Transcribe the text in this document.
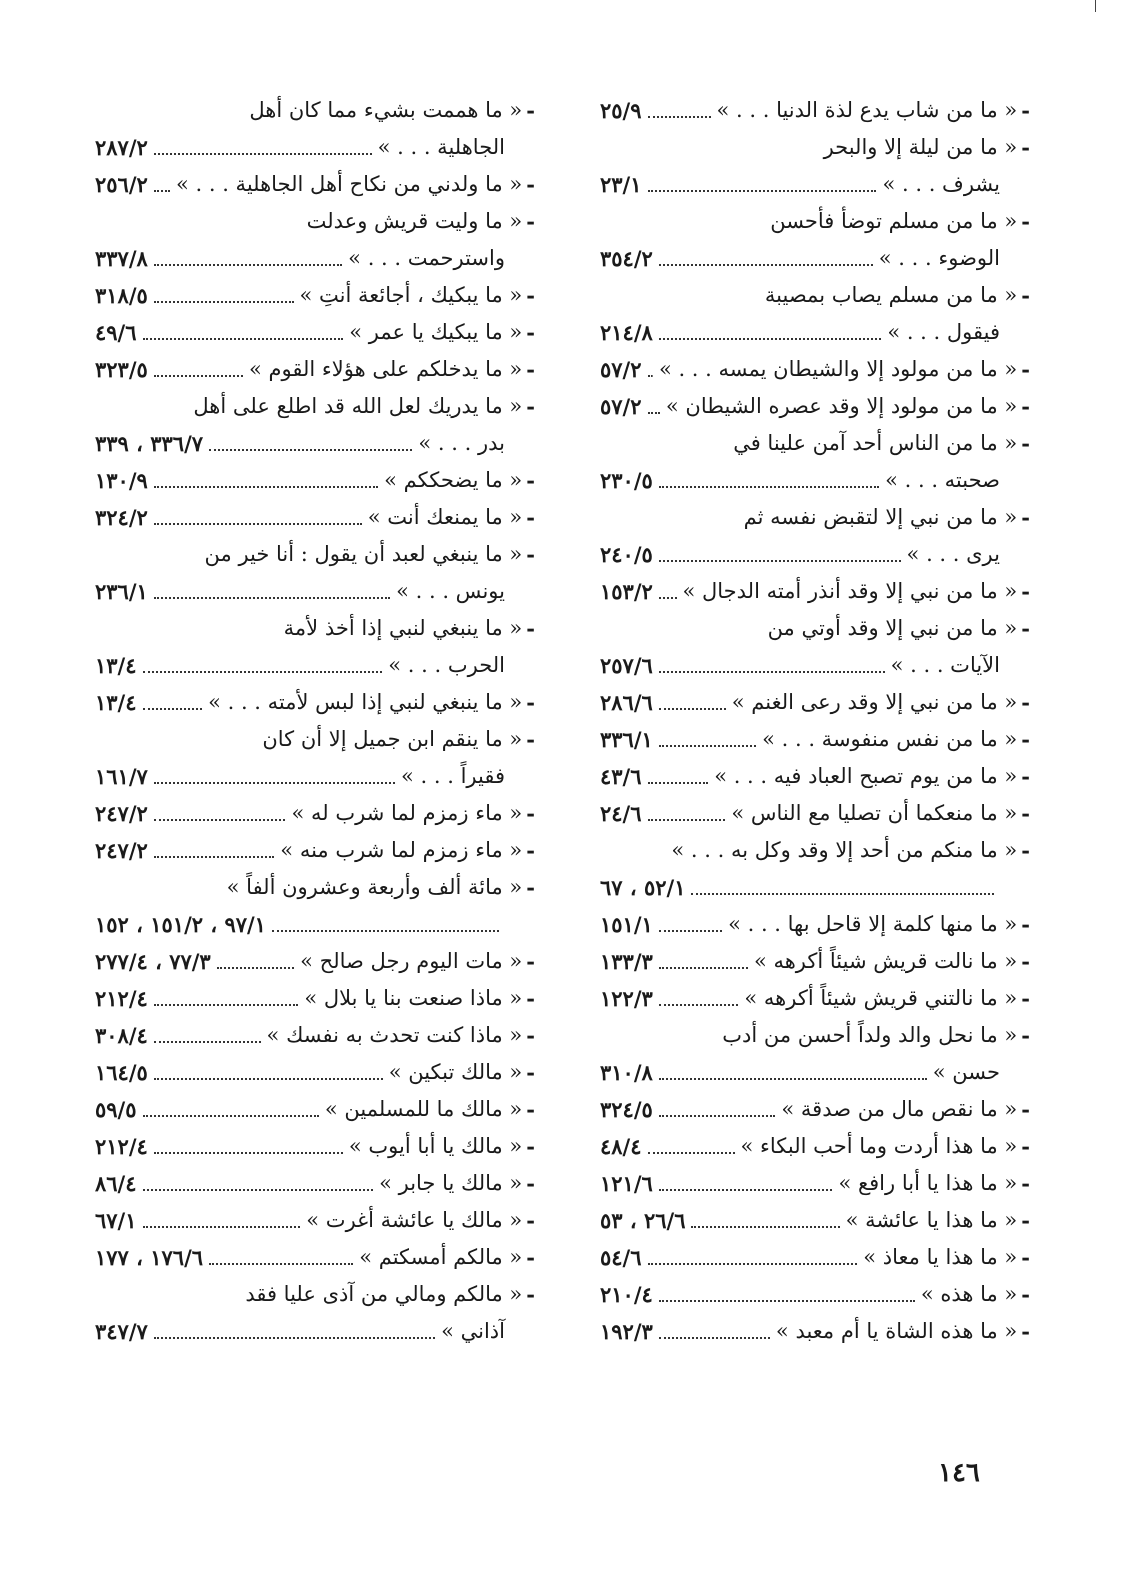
-
« ما من شاب يدع لذة الدنيا . . . »
٢٥/٩
-
« ما من ليلة إلا والبحر
يشرف . . . »
٢٣/١
-
« ما من مسلم توضأ فأحسن
الوضوء . . . »
٣٥٤/٢
-
« ما من مسلم يصاب بمصيبة
فيقول . . . »
٢١٤/٨
-
« ما من مولود إلا والشيطان يمسه . . . »
٥٧/٢
-
« ما من مولود إلا وقد عصره الشيطان »
٥٧/٢
-
« ما من الناس أحد آمن علينا في
صحبته . . . »
٢٣٠/٥
-
« ما من نبي إلا لتقبض نفسه ثم
يرى . . . »
٢٤٠/٥
-
« ما من نبي إلا وقد أنذر أمته الدجال »
١٥٣/٢
-
« ما من نبي إلا وقد أوتي من
الآيات . . . »
٢٥٧/٦
-
« ما من نبي إلا وقد رعى الغنم »
٢٨٦/٦
-
« ما من نفس منفوسة . . . »
٣٣٦/١
-
« ما من يوم تصبح العباد فيه . . . »
٤٣/٦
-
« ما منعكما أن تصليا مع الناس »
٢٤/٦
-
« ما منكم من أحد إلا وقد وكل به . . . »
٥٢/١ ، ٦٧
-
« ما منها كلمة إلا قاحل بها . . . »
١٥١/١
-
« ما نالت قريش شيئاً أكرهه »
١٣٣/٣
-
« ما نالتني قريش شيئاً أكرهه »
١٢٢/٣
-
« ما نحل والد ولداً أحسن من أدب
حسن »
٣١٠/٨
-
« ما نقص مال من صدقة »
٣٢٤/٥
-
« ما هذا أردت وما أحب البكاء »
٤٨/٤
-
« ما هذا يا أبا رافع »
١٢١/٦
-
« ما هذا يا عائشة »
٢٦/٦ ، ٥٣
-
« ما هذا يا معاذ »
٥٤/٦
-
« ما هذه »
٢١٠/٤
-
« ما هذه الشاة يا أم معبد »
١٩٢/٣
-
« ما هممت بشيء مما كان أهل
الجاهلية . . . »
٢٨٧/٢
-
« ما ولدني من نكاح أهل الجاهلية . . . »
٢٥٦/٢
-
« ما وليت قريش وعدلت
واسترحمت . . . »
٣٣٧/٨
-
« ما يبكيك ، أجائعة أنتِ »
٣١٨/٥
-
« ما يبكيك يا عمر »
٤٩/٦
-
« ما يدخلكم على هؤلاء القوم »
٣٢٣/٥
-
« ما يدريك لعل الله قد اطلع على أهل
بدر . . . »
٣٣٦/٧ ، ٣٣٩
-
« ما يضحككم »
١٣٠/٩
-
« ما يمنعك أنت »
٣٢٤/٢
-
« ما ينبغي لعبد أن يقول : أنا خير من
يونس . . . »
٢٣٦/١
-
« ما ينبغي لنبي إذا أخذ لأمة
الحرب . . . »
١٣/٤
-
« ما ينبغي لنبي إذا لبس لأمته . . . »
١٣/٤
-
« ما ينقم ابن جميل إلا أن كان
فقيراً . . . »
١٦١/٧
-
« ماء زمزم لما شرب له »
٢٤٧/٢
-
« ماء زمزم لما شرب منه »
٢٤٧/٢
-
« مائة ألف وأربعة وعشرون ألفاً »
٩٧/١ ، ١٥١/٢ ، ١٥٢
-
« مات اليوم رجل صالح »
٧٧/٣ ، ٢٧٧/٤
-
« ماذا صنعت بنا يا بلال »
٢١٢/٤
-
« ماذا كنت تحدث به نفسك »
٣٠٨/٤
-
« مالك تبكين »
١٦٤/٥
-
« مالك ما للمسلمين »
٥٩/٥
-
« مالك يا أبا أيوب »
٢١٢/٤
-
« مالك يا جابر »
٨٦/٤
-
« مالك يا عائشة أغرت »
٦٧/١
-
« مالكم أمسكتم »
١٧٦/٦ ، ١٧٧
-
« مالكم ومالي من آذى عليا فقد
آذاني »
٣٤٧/٧
١٤٦
